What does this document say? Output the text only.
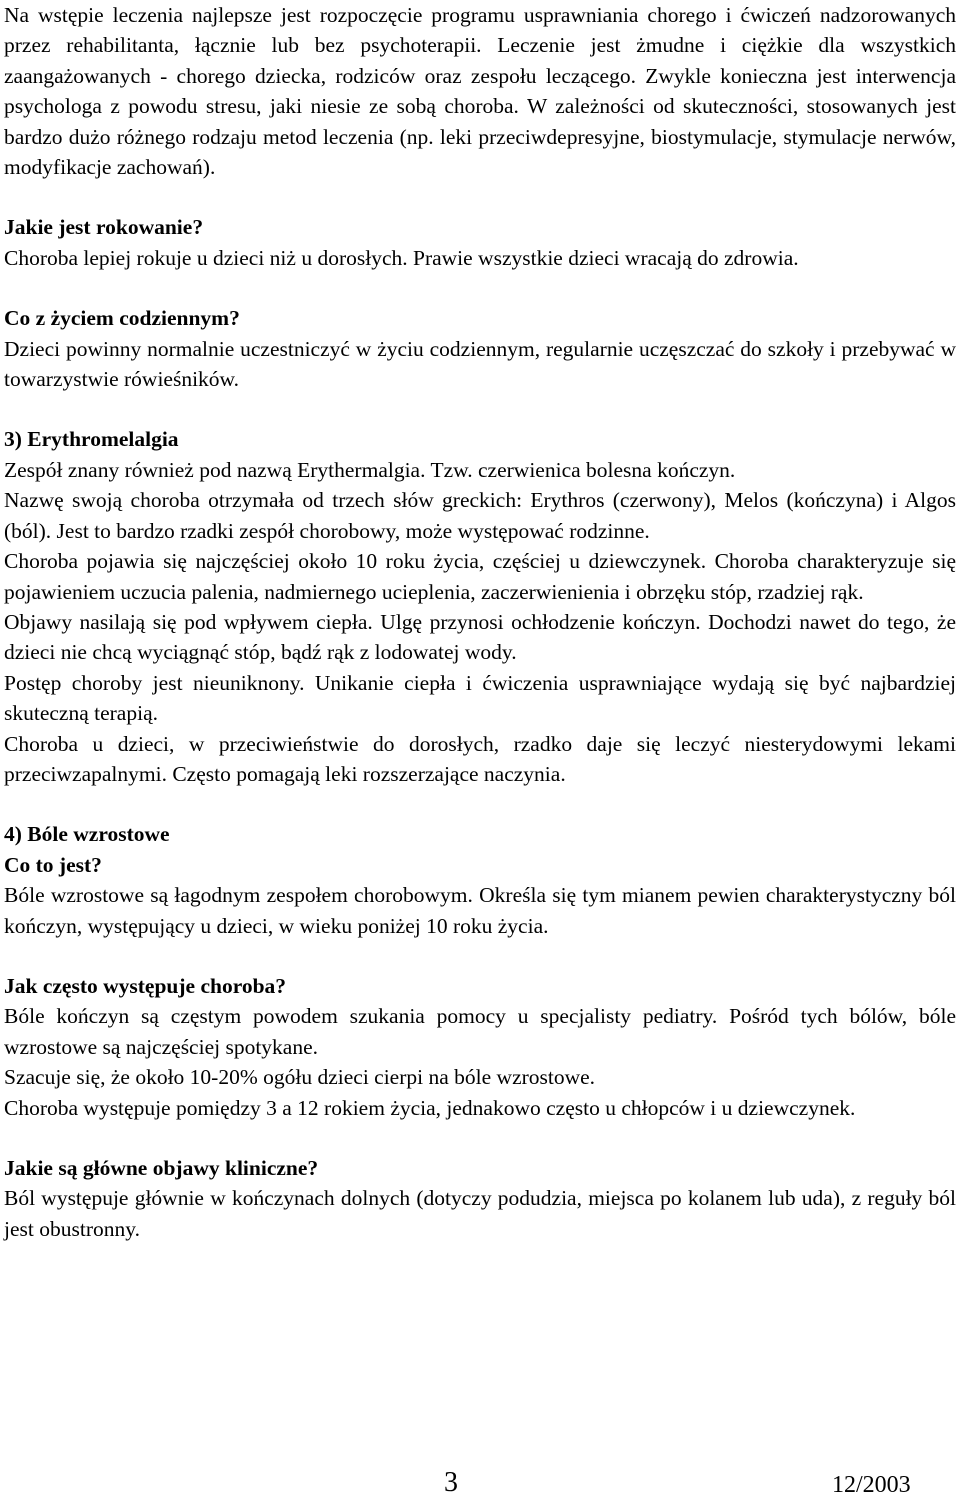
Na wstępie leczenia najlepsze jest rozpoczęcie programu usprawniania chorego i ćwiczeń nadzorowanych przez rehabilitanta, łącznie lub bez psychoterapii. Leczenie jest żmudne i ciężkie dla wszystkich zaangażowanych - chorego dziecka, rodziców oraz zespołu leczącego. Zwykle konieczna jest interwencja psychologa z powodu stresu, jaki niesie ze sobą choroba. W zależności od skuteczności, stosowanych jest bardzo dużo różnego rodzaju metod leczenia (np. leki przeciwdepresyjne, biostymulacje, stymulacje nerwów, modyfikacje zachowań).

Jakie jest rokowanie?

Choroba lepiej rokuje u dzieci niż u dorosłych. Prawie wszystkie dzieci wracają do zdrowia.

Co z życiem codziennym?

Dzieci powinny normalnie uczestniczyć w życiu codziennym, regularnie uczęszczać do szkoły i przebywać w towarzystwie rówieśników.

3) Erythromelalgia

Zespół znany również pod nazwą Erythermalgia. Tzw. czerwienica bolesna kończyn.

Nazwę swoją choroba otrzymała od trzech słów greckich: Erythros (czerwony), Melos (kończyna) i Algos (ból). Jest to bardzo rzadki zespół chorobowy, może występować rodzinne.

Choroba pojawia się najczęściej około 10 roku życia, częściej u dziewczynek. Choroba charakteryzuje się pojawieniem uczucia palenia, nadmiernego ucieplenia, zaczerwienienia i obrzęku stóp, rzadziej rąk.

Objawy nasilają się pod wpływem ciepła. Ulgę przynosi ochłodzenie kończyn. Dochodzi nawet do tego, że dzieci nie chcą wyciągnąć stóp, bądź rąk z lodowatej wody.

Postęp choroby jest nieuniknony. Unikanie ciepła i ćwiczenia usprawniające wydają się być najbardziej skuteczną terapią.

Choroba u dzieci, w przeciwieństwie do dorosłych, rzadko daje się leczyć niesterydowymi lekami przeciwzapalnymi. Często pomagają leki rozszerzające naczynia.

4) Bóle wzrostowe

Co to jest?

Bóle wzrostowe są łagodnym zespołem chorobowym. Określa się tym mianem pewien charakterystyczny ból kończyn, występujący u dzieci, w wieku poniżej 10 roku życia.

Jak często występuje choroba?

Bóle kończyn są częstym powodem szukania pomocy u specjalisty pediatry. Pośród tych bólów, bóle wzrostowe są najczęściej spotykane.

Szacuje się, że około 10-20% ogółu dzieci cierpi na bóle wzrostowe.

Choroba występuje pomiędzy 3 a 12 rokiem życia, jednakowo często u chłopców i u dziewczynek.

Jakie są główne objawy kliniczne?

Ból występuje głównie w kończynach dolnych (dotyczy podudzia, miejsca po kolanem lub uda), z reguły ból jest obustronny.

3	12/2003
